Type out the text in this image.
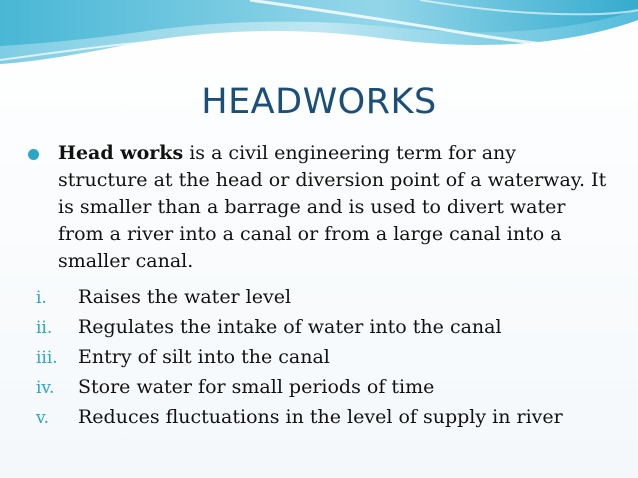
HEADWORKS
Head works is a civil engineering term for any structure at the head or diversion point of a waterway. It is smaller than a barrage and is used to divert water from a river into a canal or from a large canal into a smaller canal.
i.	Raises the water level
ii.	Regulates the intake of water into the canal
iii.	Entry of silt into the canal
iv.	Store water for small periods of time
v.	Reduces fluctuations in the level of supply in river
